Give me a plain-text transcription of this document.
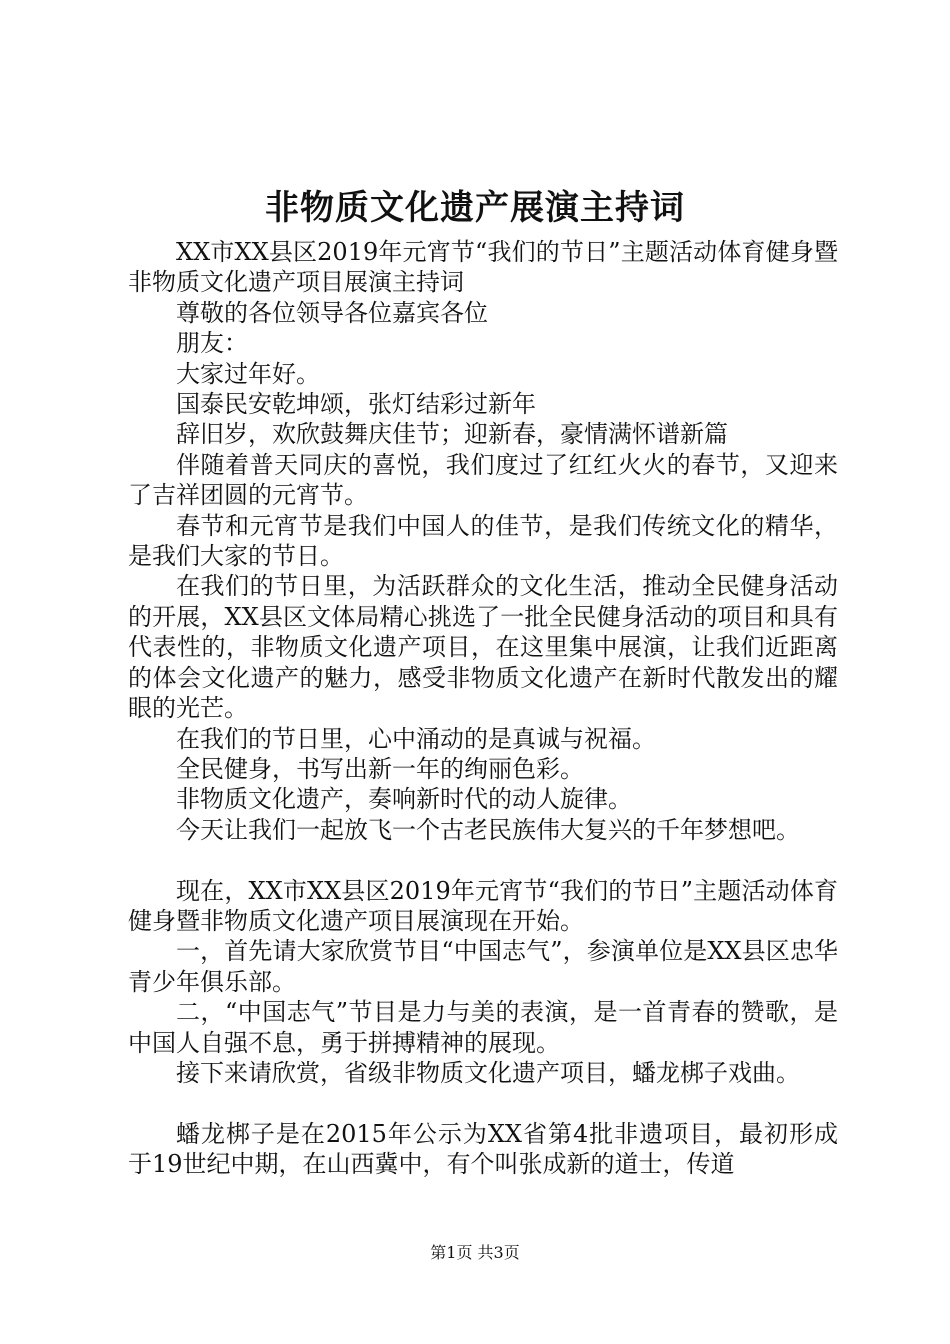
非物质文化遗产展演主持词

XX市XX县区2019年元宵节“我们的节日”主题活动体育健身暨非物质文化遗产项目展演主持词

尊敬的各位领导各位嘉宾各位

朋友：

大家过年好。

国泰民安乾坤颂，张灯结彩过新年

辞旧岁，欢欣鼓舞庆佳节；迎新春，豪情满怀谱新篇

伴随着普天同庆的喜悦，我们度过了红红火火的春节，又迎来了吉祥团圆的元宵节。

春节和元宵节是我们中国人的佳节，是我们传统文化的精华，是我们大家的节日。

在我们的节日里，为活跃群众的文化生活，推动全民健身活动的开展，XX县区文体局精心挑选了一批全民健身活动的项目和具有代表性的，非物质文化遗产项目，在这里集中展演，让我们近距离的体会文化遗产的魅力，感受非物质文化遗产在新时代散发出的耀眼的光芒。

在我们的节日里，心中涌动的是真诚与祝福。

全民健身，书写出新一年的绚丽色彩。

非物质文化遗产，奏响新时代的动人旋律。

今天让我们一起放飞一个古老民族伟大复兴的千年梦想吧。

现在，XX市XX县区2019年元宵节“我们的节日”主题活动体育健身暨非物质文化遗产项目展演现在开始。

一，首先请大家欣赏节目“中国志气”，参演单位是XX县区忠华青少年俱乐部。

二，“中国志气”节目是力与美的表演，是一首青春的赞歌，是中国人自强不息，勇于拼搏精神的展现。

接下来请欣赏，省级非物质文化遗产项目，蟠龙梆子戏曲。

蟠龙梆子是在2015年公示为XX省第4批非遗项目，最初形成于19世纪中期，在山西冀中，有个叫张成新的道士，传道

第1页 共3页
